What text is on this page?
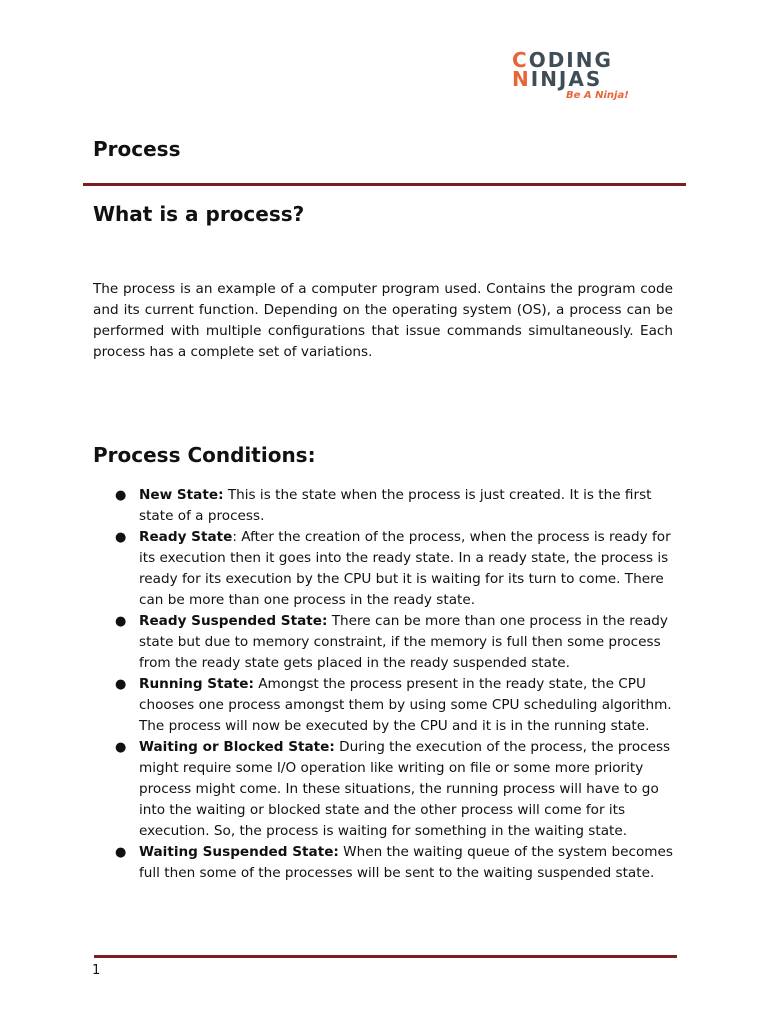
CODING
NINJAS
Be A Ninja!
Process
What is a process?

The process is an example of a computer program used. Contains the program code and its current function. Depending on the operating system (OS), a process can be performed with multiple configurations that issue commands simultaneously. Each process has a complete set of variations.

Process Conditions:
● New State: This is the state when the process is just created. It is the first state of a process.
● Ready State: After the creation of the process, when the process is ready for its execution then it goes into the ready state. In a ready state, the process is ready for its execution by the CPU but it is waiting for its turn to come. There can be more than one process in the ready state.
● Ready Suspended State: There can be more than one process in the ready state but due to memory constraint, if the memory is full then some process from the ready state gets placed in the ready suspended state.
● Running State: Amongst the process present in the ready state, the CPU chooses one process amongst them by using some CPU scheduling algorithm. The process will now be executed by the CPU and it is in the running state.
● Waiting or Blocked State: During the execution of the process, the process might require some I/O operation like writing on file or some more priority process might come. In these situations, the running process will have to go into the waiting or blocked state and the other process will come for its execution. So, the process is waiting for something in the waiting state.
● Waiting Suspended State: When the waiting queue of the system becomes full then some of the processes will be sent to the waiting suspended state.
1
